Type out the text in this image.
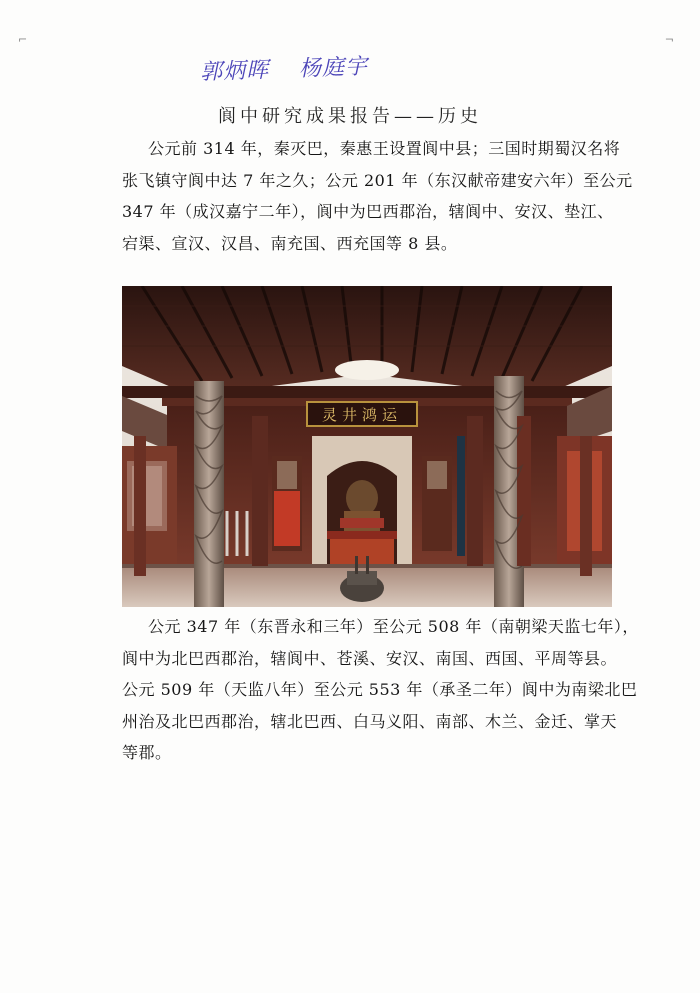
⌐	¬
郭炳晖 杨庭宇
阆中研究成果报告——历史

公元前 314 年，秦灭巴，秦惠王设置阆中县；三国时期蜀汉名将

张飞镇守阆中达 7 年之久；公元 201 年（东汉献帝建安六年）至公元

347 年（成汉嘉宁二年），阆中为巴西郡治，辖阆中、安汉、垫江、

宕渠、宣汉、汉昌、南充国、西充国等 8 县。

灵井鸿运

公元 347 年（东晋永和三年）至公元 508 年（南朝梁天监七年），

阆中为北巴西郡治，辖阆中、苍溪、安汉、南国、西国、平周等县。

公元 509 年（天监八年）至公元 553 年（承圣二年）阆中为南梁北巴

州治及北巴西郡治，辖北巴西、白马义阳、南部、木兰、金迁、掌天

等郡。
